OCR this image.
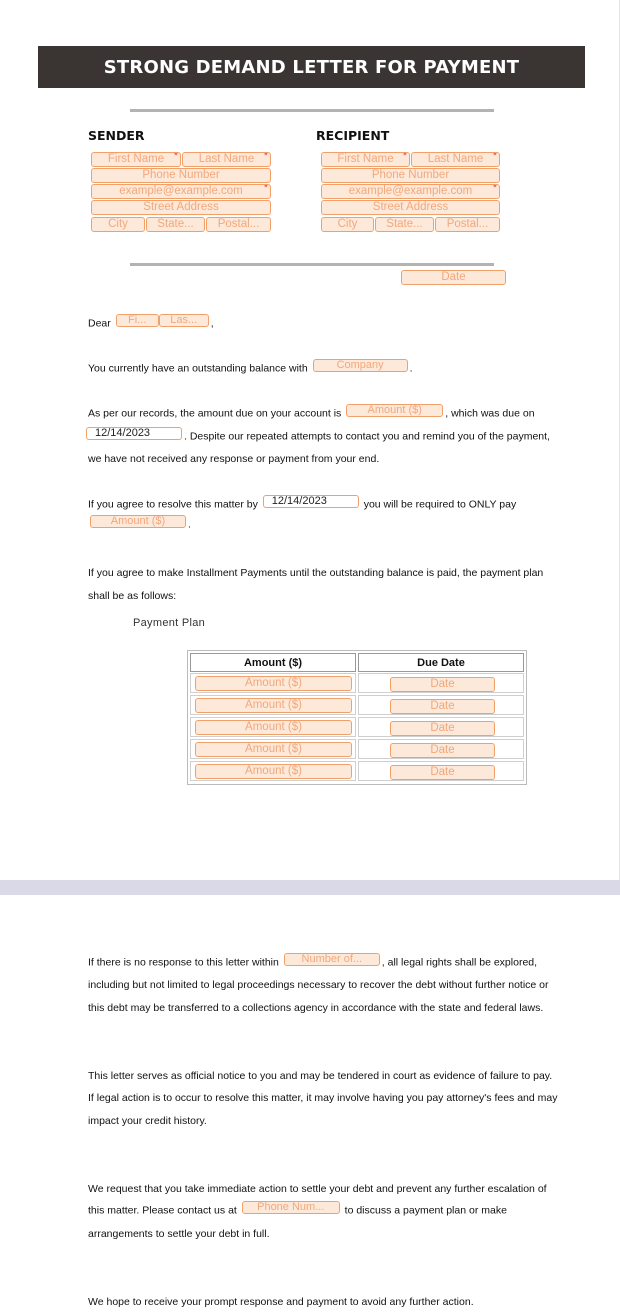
STRONG DEMAND LETTER FOR PAYMENT
SENDER
First Name *	Last Name *
Phone Number
example@example.com *
Street Address
City	State...	Postal...
RECIPIENT
First Name *	Last Name *
Phone Number
example@example.com *
Street Address
City	State...	Postal...
Date
Dear Fi... Las... ,
You currently have an outstanding balance with	Company .
As per our records, the amount due on your account is Amount ($) , which was due on
12/14/2023	. Despite our repeated attempts to contact you and remind you of the payment,
we have not received any response or payment from your end.
If you agree to resolve this matter by 12/14/2023	you will be required to ONLY pay
Amount ($) .
If you agree to make Installment Payments until the outstanding balance is paid, the payment plan
shall be as follows:
Payment Plan
Amount ($)	Due Date
Amount ($)	Date
Amount ($)	Date
Amount ($)	Date
Amount ($)	Date
Amount ($)	Date
If there is no response to this letter within Number of... , all legal rights shall be explored,
including but not limited to legal proceedings necessary to recover the debt without further notice or
this debt may be transferred to a collections agency in accordance with the state and federal laws.
This letter serves as official notice to you and may be tendered in court as evidence of failure to pay.
If legal action is to occur to resolve this matter, it may involve having you pay attorney's fees and may
impact your credit history.
We request that you take immediate action to settle your debt and prevent any further escalation of
this matter. Please contact us at Phone Num... to discuss a payment plan or make
arrangements to settle your debt in full.
We hope to receive your prompt response and payment to avoid any further action.
